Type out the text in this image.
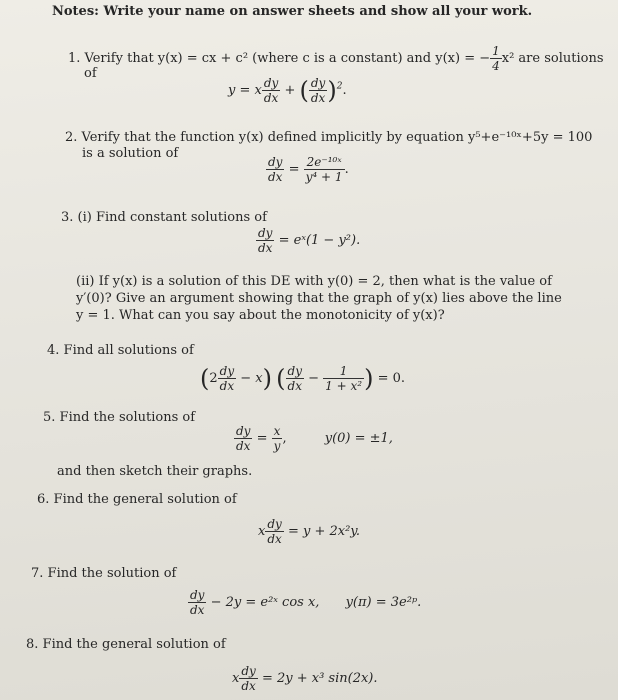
Notes: Write your name on answer sheets and show all your work.
1. Verify that y(x) = cx + c² (where c is a constant) and y(x) = − $\frac{1}{4} x^2$ are solutions
of
y = x $\frac{dy}{dx}$ + ( $\frac{dy}{dx} )^2$.
2. Verify that the function y(x) defined implicitly by equation y⁵+e⁻¹⁰ˣ+5y = 100
is a solution of
$\frac{dy}{dx} = \frac{\text{2e⁻¹⁰ˣ}}{\text{y⁴ + 1}}$ .
3. (i) Find constant solutions of
$\frac{dy}{dx}$ = eˣ(1 − y²).
(ii) If y(x) is a solution of this DE with y(0) = 2, then what is the value of
y′(0)? Give an argument showing that the graph of y(x) lies above the line
y = 1. What can you say about the monotonicity of y(x)?
4. Find all solutions of
$(2 \frac{dy}{dx} - x)$ ( $\frac{dy}{dx} - \frac{1}{\text{1 + x²}}$ ) = 0.
5. Find the solutions of
$\frac{dy}{dx} = \frac{x}{y}$ ,	y(0) = ±1,
and then sketch their graphs.
6. Find the general solution of
x $\frac{dy}{dx} = y + 2x^2y$.
7. Find the solution of
$\frac{dy}{dx} - 2y$ = e²ˣ cos x, y(π) = 3e²ᵖ.
8. Find the general solution of
x $\frac{dy}{dx} = 2y + x^3$ sin(2x).
